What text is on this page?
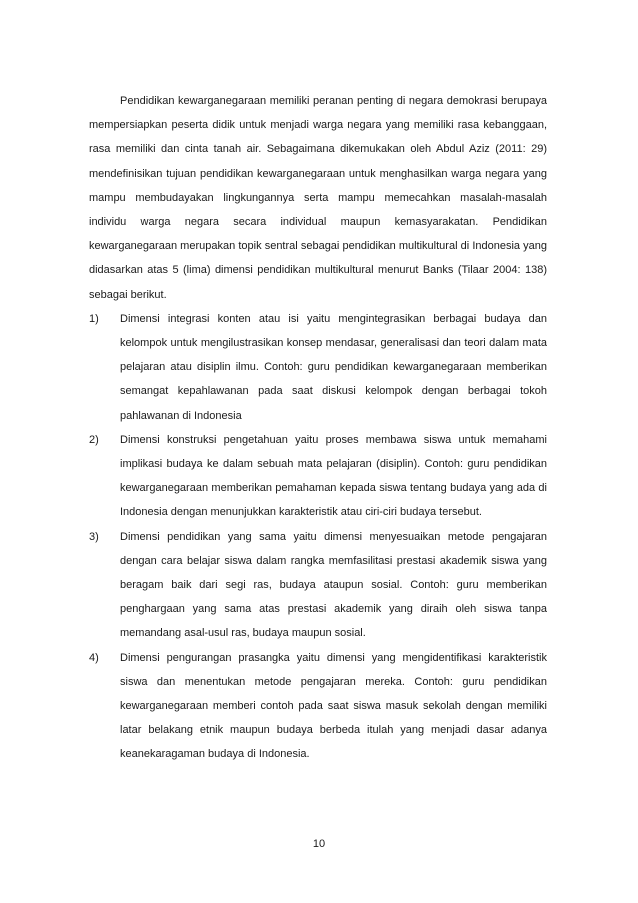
Pendidikan kewarganegaraan memiliki peranan penting di negara demokrasi berupaya mempersiapkan peserta didik untuk menjadi warga negara yang memiliki rasa kebanggaan, rasa memiliki dan cinta tanah air. Sebagaimana dikemukakan oleh Abdul Aziz (2011: 29) mendefinisikan tujuan pendidikan kewarganegaraan untuk menghasilkan warga negara yang mampu membudayakan lingkungannya serta mampu memecahkan masalah-masalah individu warga negara secara individual maupun kemasyarakatan. Pendidikan kewarganegaraan merupakan topik sentral sebagai pendidikan multikultural di Indonesia yang didasarkan atas 5 (lima) dimensi pendidikan multikultural menurut Banks (Tilaar 2004: 138) sebagai berikut.

1) Dimensi integrasi konten atau isi yaitu mengintegrasikan berbagai budaya dan kelompok untuk mengilustrasikan konsep mendasar, generalisasi dan teori dalam mata pelajaran atau disiplin ilmu. Contoh: guru pendidikan kewarganegaraan memberikan semangat kepahlawanan pada saat diskusi kelompok dengan berbagai tokoh pahlawanan di Indonesia
2) Dimensi konstruksi pengetahuan yaitu proses membawa siswa untuk memahami implikasi budaya ke dalam sebuah mata pelajaran (disiplin). Contoh: guru pendidikan kewarganegaraan memberikan pemahaman kepada siswa tentang budaya yang ada di Indonesia dengan menunjukkan karakteristik atau ciri-ciri budaya tersebut.
3) Dimensi pendidikan yang sama yaitu dimensi menyesuaikan metode pengajaran dengan cara belajar siswa dalam rangka memfasilitasi prestasi akademik siswa yang beragam baik dari segi ras, budaya ataupun sosial. Contoh: guru memberikan penghargaan yang sama atas prestasi akademik yang diraih oleh siswa tanpa memandang asal-usul ras, budaya maupun sosial.
4) Dimensi pengurangan prasangka yaitu dimensi yang mengidentifikasi karakteristik siswa dan menentukan metode pengajaran mereka. Contoh: guru pendidikan kewarganegaraan memberi contoh pada saat siswa masuk sekolah dengan memiliki latar belakang etnik maupun budaya berbeda itulah yang menjadi dasar adanya keanekaragaman budaya di Indonesia.
10
